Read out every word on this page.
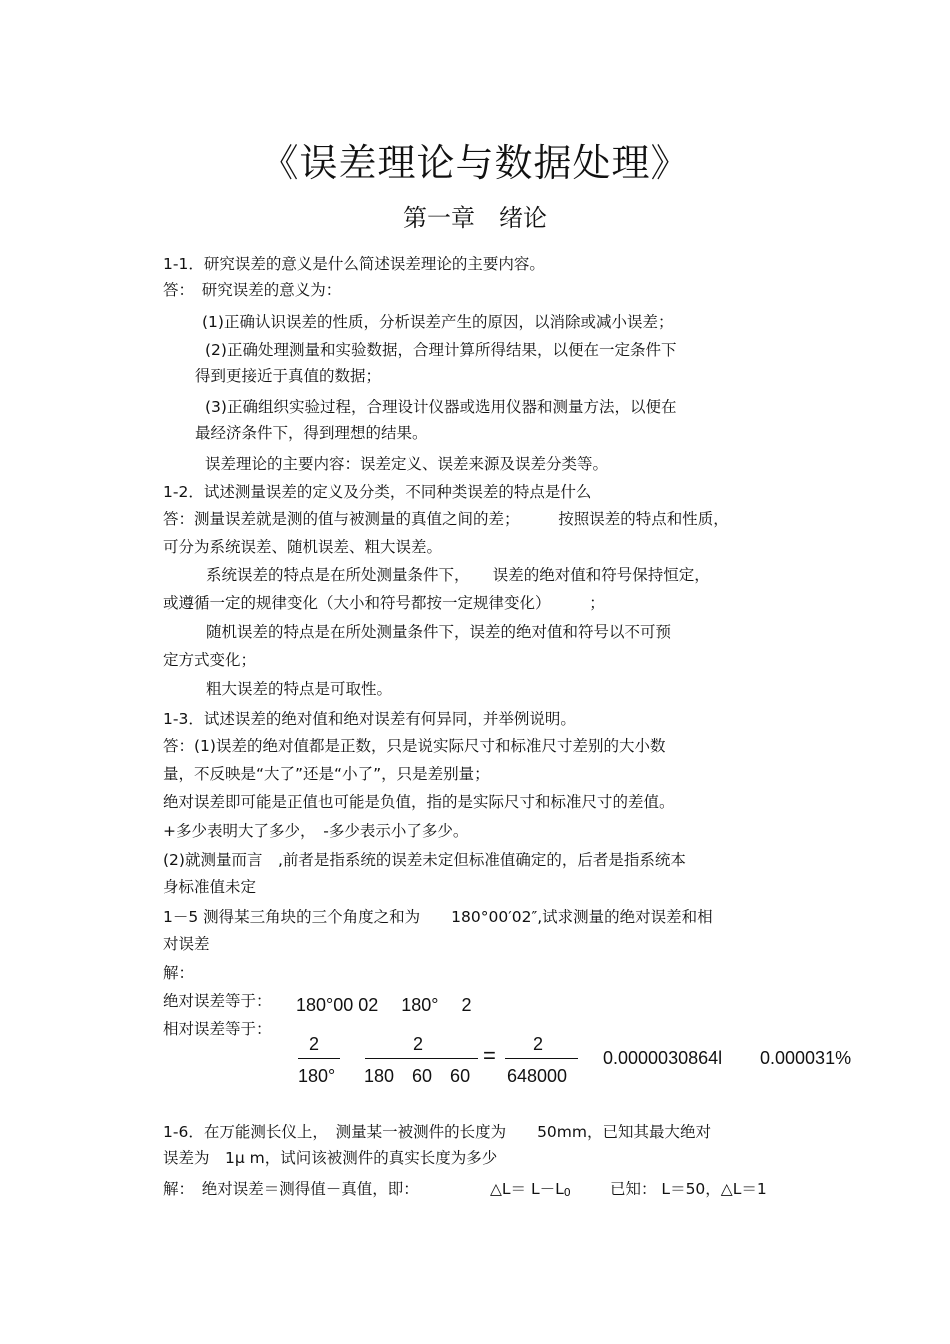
《误差理论与数据处理》
第一章　绪论
1-1．研究误差的意义是什么简述误差理论的主要内容。
答：　研究误差的意义为：
(1)正确认识误差的性质，分析误差产生的原因，以消除或减小误差；
(2)正确处理测量和实验数据，合理计算所得结果，以便在一定条件下
得到更接近于真值的数据；
(3)正确组织实验过程，合理设计仪器或选用仪器和测量方法，以便在
最经济条件下，得到理想的结果。
误差理论的主要内容：误差定义、误差来源及误差分类等。
1-2．试述测量误差的定义及分类，不同种类误差的特点是什么
答：测量误差就是测的值与被测量的真值之间的差；　　　按照误差的特点和性质，
可分为系统误差、随机误差、粗大误差。
系统误差的特点是在所处测量条件下，　　误差的绝对值和符号保持恒定，
或遵循一定的规律变化（大小和符号都按一定规律变化）　　　；
随机误差的特点是在所处测量条件下，误差的绝对值和符号以不可预
定方式变化；
粗大误差的特点是可取性。
1-3．试述误差的绝对值和绝对误差有何异同，并举例说明。
答：(1)误差的绝对值都是正数，只是说实际尺寸和标准尺寸差别的大小数
量，不反映是“大了”还是“小了”，只是差别量；
绝对误差即可能是正值也可能是负值，指的是实际尺寸和标准尺寸的差值。
+多少表明大了多少，　-多少表示小了多少。
(2)就测量而言　,前者是指系统的误差未定但标准值确定的，后者是指系统本
身标准值未定
1－5 测得某三角块的三个角度之和为　　180°00′02″,试求测量的绝对误差和相
对误差
解：
绝对误差等于： 180°00 02　 180°　 2
相对误差等于：
2
180°
2
180　60　60
= 2
648000
0.0000030864l 0.000031%
1-6．在万能测长仪上，　测量某一被测件的长度为　　50mm，已知其最大绝对
误差为　1μ m，试问该被测件的真实长度为多少
解：　绝对误差＝测得值－真值，即：	△L＝ L－L0	已知： L＝50，△L＝1
